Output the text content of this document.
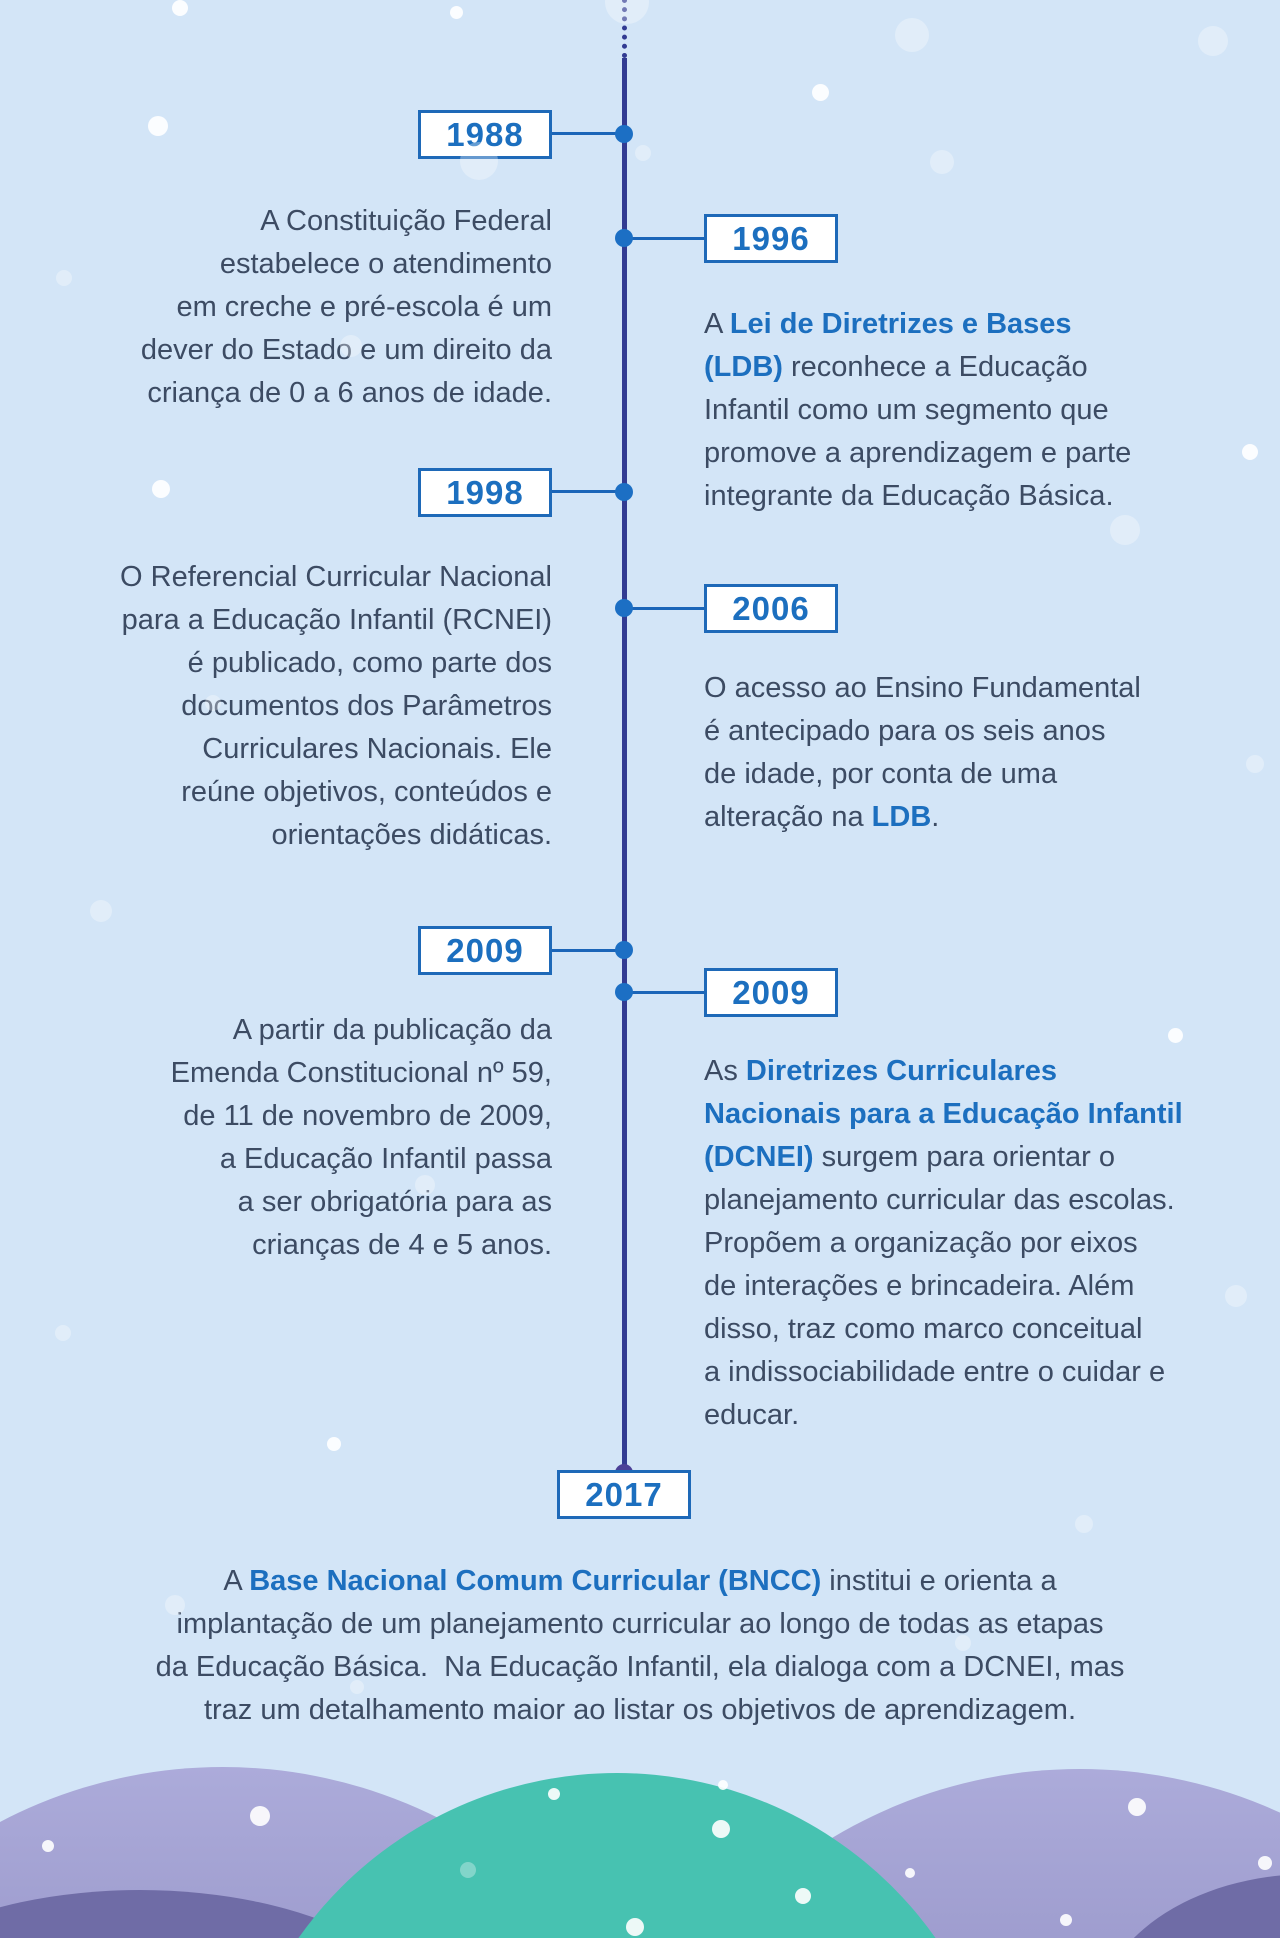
1988
A Constituição Federal
estabelece o atendimento
em creche e pré-escola é um
dever do Estado e um direito da
criança de 0 a 6 anos de idade.
1996
A Lei de Diretrizes e Bases
(LDB) reconhece a Educação
Infantil como um segmento que
promove a aprendizagem e parte
integrante da Educação Básica.
1998
O Referencial Curricular Nacional
para a Educação Infantil (RCNEI)
é publicado, como parte dos
documentos dos Parâmetros
Curriculares Nacionais. Ele
reúne objetivos, conteúdos e
orientações didáticas.
2006
O acesso ao Ensino Fundamental
é antecipado para os seis anos
de idade, por conta de uma
alteração na LDB.
2009
A partir da publicação da
Emenda Constitucional nº 59,
de 11 de novembro de 2009,
a Educação Infantil passa
a ser obrigatória para as
crianças de 4 e 5 anos.
2009
As Diretrizes Curriculares
Nacionais para a Educação Infantil
(DCNEI) surgem para orientar o
planejamento curricular das escolas.
Propõem a organização por eixos
de interações e brincadeira. Além
disso, traz como marco conceitual
a indissociabilidade entre o cuidar e
educar.
2017
A Base Nacional Comum Curricular (BNCC) institui e orienta a
implantação de um planejamento curricular ao longo de todas as etapas
da Educação Básica.  Na Educação Infantil, ela dialoga com a DCNEI, mas
traz um detalhamento maior ao listar os objetivos de aprendizagem.
